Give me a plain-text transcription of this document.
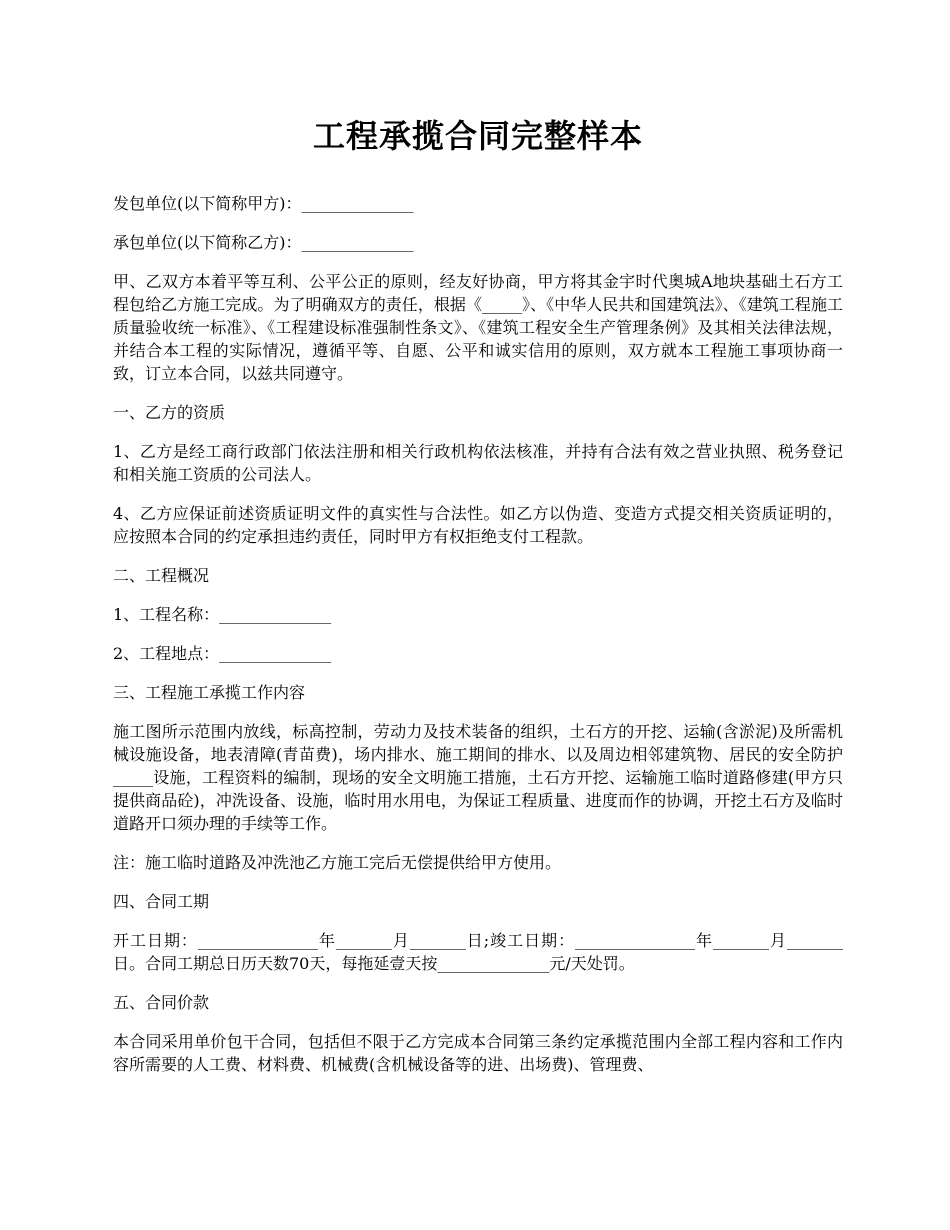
工程承揽合同完整样本

发包单位(以下简称甲方)：______________

承包单位(以下简称乙方)：______________

甲、乙双方本着平等互利、公平公正的原则，经友好协商，甲方将其金宇时代奥城A地块基础土石方工程包给乙方施工完成。为了明确双方的责任，根据《_____》、《中华人民共和国建筑法》、《建筑工程施工质量验收统一标准》、《工程建设标准强制性条文》、《建筑工程安全生产管理条例》及其相关法律法规，并结合本工程的实际情况，遵循平等、自愿、公平和诚实信用的原则，双方就本工程施工事项协商一致，订立本合同，以兹共同遵守。

一、乙方的资质

1、乙方是经工商行政部门依法注册和相关行政机构依法核准，并持有合法有效之营业执照、税务登记和相关施工资质的公司法人。

4、乙方应保证前述资质证明文件的真实性与合法性。如乙方以伪造、变造方式提交相关资质证明的，应按照本合同的约定承担违约责任，同时甲方有权拒绝支付工程款。

二、工程概况

1、工程名称：______________

2、工程地点：______________

三、工程施工承揽工作内容

施工图所示范围内放线，标高控制，劳动力及技术装备的组织，土石方的开挖、运输(含淤泥)及所需机械设施设备，地表清障(青苗费)，场内排水、施工期间的排水、以及周边相邻建筑物、居民的安全防护_____设施，工程资料的编制，现场的安全文明施工措施，土石方开挖、运输施工临时道路修建(甲方只提供商品砼)，冲洗设备、设施，临时用水用电，为保证工程质量、进度而作的协调，开挖土石方及临时道路开口须办理的手续等工作。

注：施工临时道路及冲洗池乙方施工完后无偿提供给甲方使用。

四、合同工期

开工日期：_______________年_______月_______日;竣工日期：_______________年_______月_______日。合同工期总日历天数70天，每拖延壹天按______________元/天处罚。

五、合同价款

本合同采用单价包干合同，包括但不限于乙方完成本合同第三条约定承揽范围内全部工程内容和工作内容所需要的人工费、材料费、机械费(含机械设备等的进、出场费)、管理费、
